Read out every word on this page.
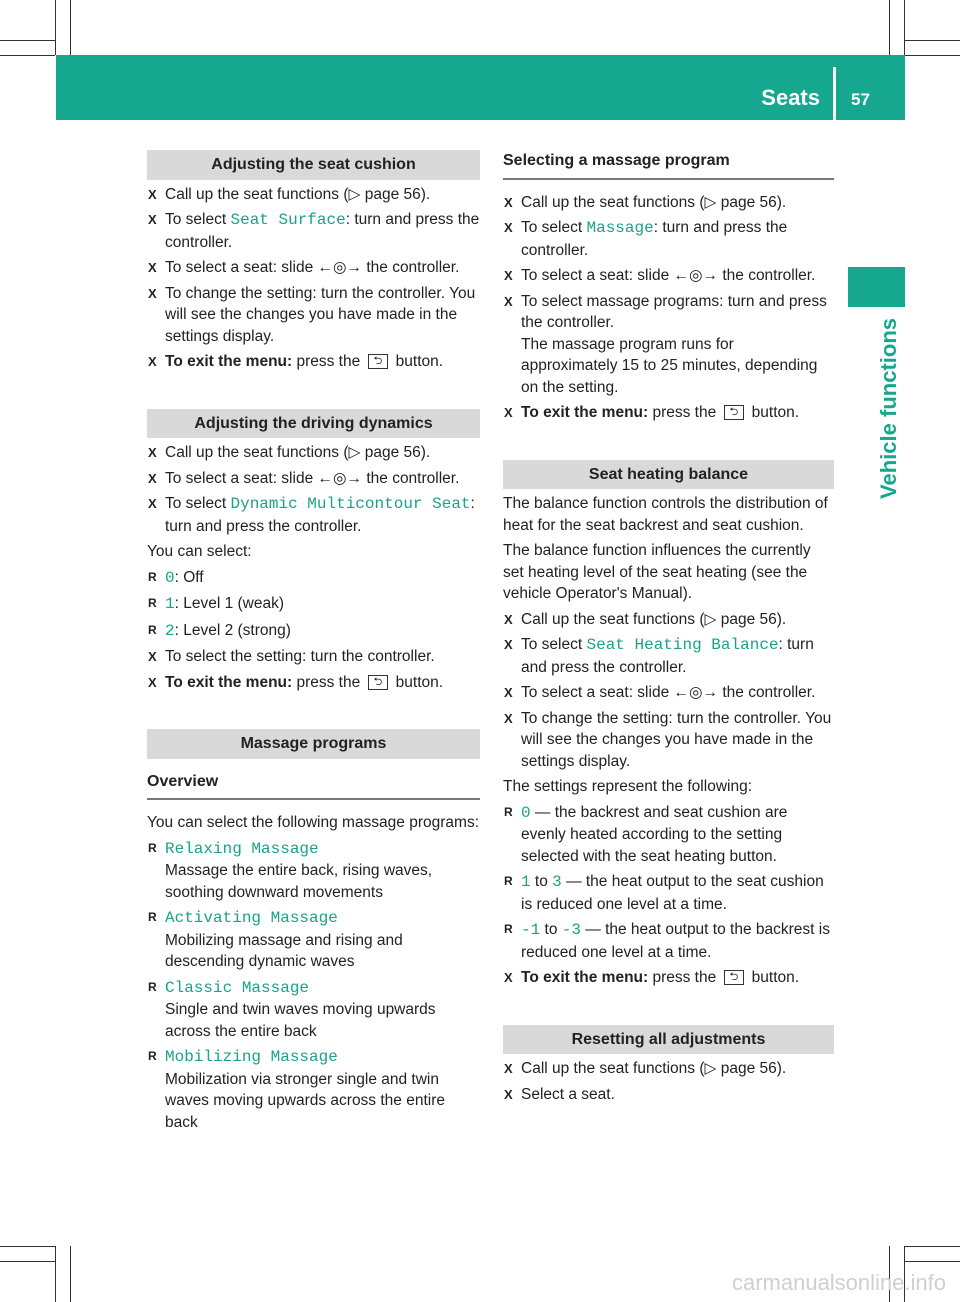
Seats 57
Vehicle functions
Adjusting the seat cushion
X Call up the seat functions (▷ page 56).
X To select Seat Surface: turn and press the controller.
X To select a seat: slide ←◎→ the controller.
X To change the setting: turn the controller. You will see the changes you have made in the settings display.
X To exit the menu: press the ⮌ button.
Adjusting the driving dynamics
X Call up the seat functions (▷ page 56).
X To select a seat: slide ←◎→ the controller.
X To select Dynamic Multicontour Seat: turn and press the controller.
You can select:
R 0: Off
R 1: Level 1 (weak)
R 2: Level 2 (strong)
X To select the setting: turn the controller.
X To exit the menu: press the ⮌ button.
Massage programs
Overview
You can select the following massage programs:
R Relaxing Massage
Massage the entire back, rising waves, soothing downward movements
R Activating Massage
Mobilizing massage and rising and descending dynamic waves
R Classic Massage
Single and twin waves moving upwards across the entire back
R Mobilizing Massage
Mobilization via stronger single and twin waves moving upwards across the entire back
Selecting a massage program
X Call up the seat functions (▷ page 56).
X To select Massage: turn and press the controller.
X To select a seat: slide ←◎→ the controller.
X To select massage programs: turn and press the controller.
The massage program runs for approximately 15 to 25 minutes, depending on the setting.
X To exit the menu: press the ⮌ button.
Seat heating balance
The balance function controls the distribution of heat for the seat backrest and seat cushion.
The balance function influences the currently set heating level of the seat heating (see the vehicle Operator's Manual).
X Call up the seat functions (▷ page 56).
X To select Seat Heating Balance: turn and press the controller.
X To select a seat: slide ←◎→ the controller.
X To change the setting: turn the controller. You will see the changes you have made in the settings display.
The settings represent the following:
R 0 — the backrest and seat cushion are evenly heated according to the setting selected with the seat heating button.
R 1 to 3 — the heat output to the seat cushion is reduced one level at a time.
R -1 to -3 — the heat output to the backrest is reduced one level at a time.
X To exit the menu: press the ⮌ button.
Resetting all adjustments
X Call up the seat functions (▷ page 56).
X Select a seat.
carmanualsonline.info
